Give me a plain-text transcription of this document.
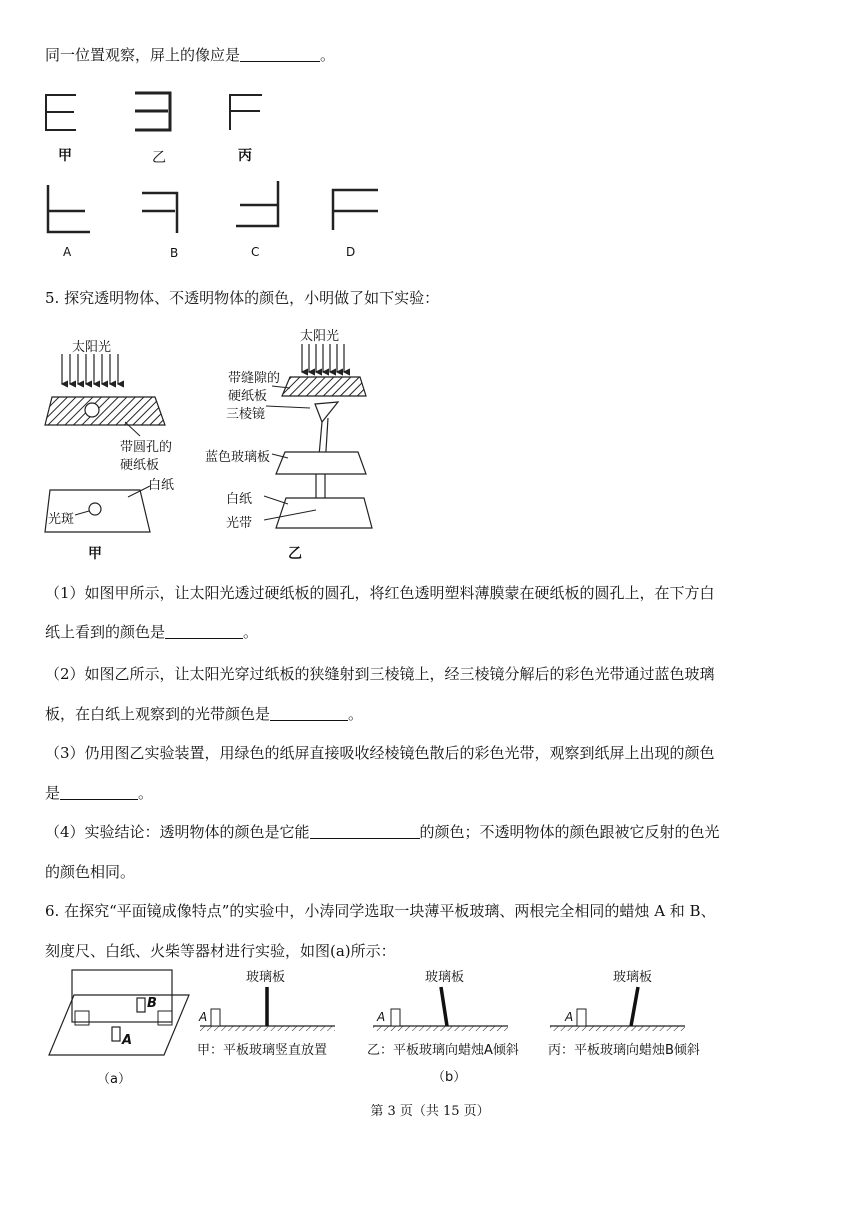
同一位置观察，屏上的像应是	。
甲	乙	丙
A	B	C	D
5. 探究透明物体、不透明物体的颜色，小明做了如下实验：
太阳光
带圆孔的
硬纸板
白纸
光斑
甲
太阳光
带缝隙的
硬纸板
三棱镜
蓝色玻璃板
白纸
光带
乙
（1）如图甲所示，让太阳光透过硬纸板的圆孔，将红色透明塑料薄膜蒙在硬纸板的圆孔上，在下方白
纸上看到的颜色是	。
（2）如图乙所示，让太阳光穿过纸板的狭缝射到三棱镜上，经三棱镜分解后的彩色光带通过蓝色玻璃
板，在白纸上观察到的光带颜色是	。
（3）仍用图乙实验装置，用绿色的纸屏直接吸收经棱镜色散后的彩色光带，观察到纸屏上出现的颜色
是	。
（4）实验结论：透明物体的颜色是它能	的颜色；不透明物体的颜色跟被它反射的色光
的颜色相同。
6. 在探究“平面镜成像特点”的实验中，小涛同学选取一块薄平板玻璃、两根完全相同的蜡烛 A 和 B、
刻度尺、白纸、火柴等器材进行实验，如图(a)所示：
B
A
（a）
玻璃板	玻璃板	玻璃板
A	A	A
甲：平板玻璃竖直放置	乙：平板玻璃向蜡烛A倾斜 丙：平板玻璃向蜡烛B倾斜
（b）
第 3 页（共 15 页）
